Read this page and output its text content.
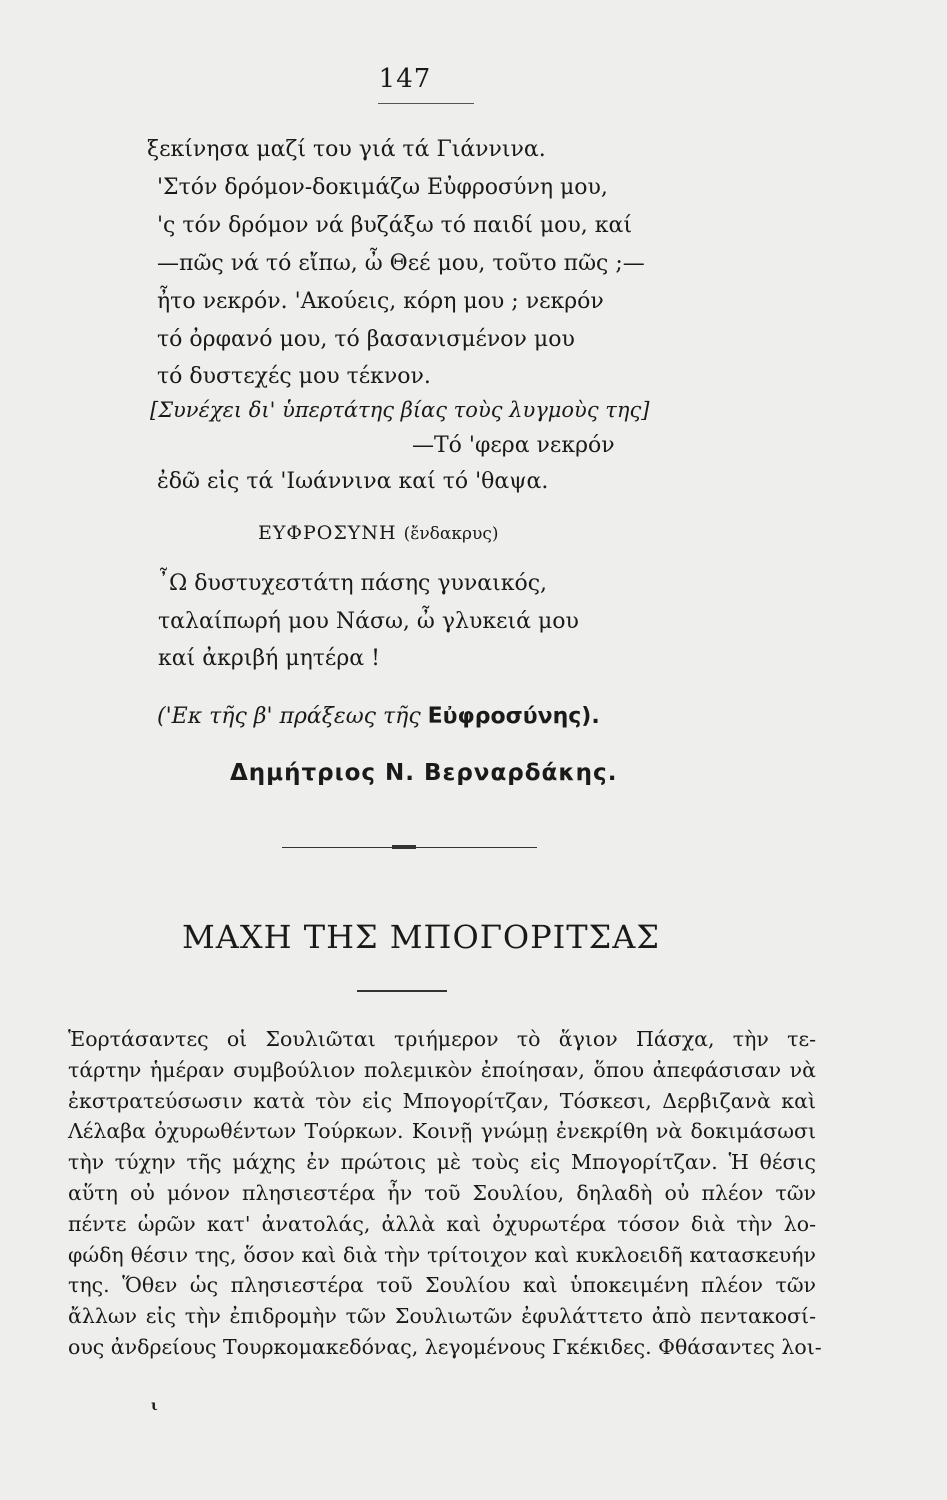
147
ξεκίνησα μαζί του γιά τά Γιάννινα.
'Στόν δρόμον-δοκιμάζω Εὐφροσύνη μου,
'ς τόν δρόμον νά βυζάξω τό παιδί μου, καί
—πῶς νά τό εἴπω, ὦ Θεέ μου, τοῦτο πῶς ;—
ἦτο νεκρόν. 'Ακούεις, κόρη μου ; νεκρόν
τό ὀρφανό μου, τό βασανισμένον μου
τό δυστεχές μου τέκνον.
[Συνέχει δι' ὑπερτάτης βίας τοὺς λυγμοὺς της]
—Τό 'φερα νεκρόν
ἐδῶ εἰς τά 'Ιωάννινα καί τό 'θαψα.
ΕΥΦΡΟΣΥΝΗ (ἔνδακρυς)
῏Ω δυστυχεστάτη πάσης γυναικός,
ταλαίπωρή μου Νάσω, ὦ γλυκειά μου
καί ἀκριβή μητέρα !
('Εκ τῆς β' πράξεως τῆς Εὐφροσύνης).
Δημήτριος Ν. Βερναρδάκης.
ΜΑΧΗ ΤΗΣ ΜΠΟΓΟΡΙΤΣΑΣ
Ἑορτάσαντες οἱ Σουλιῶται τριήμερον τὸ ἅγιον Πάσχα, τὴν τε-
τάρτην ἡμέραν συμβούλιον πολεμικὸν ἐποίησαν, ὅπου ἀπεφάσισαν νὰ
ἐκστρατεύσωσιν κατὰ τὸν εἰς Μπογορίτζαν, Τόσκεσι, Δερβιζανὰ καὶ
Λέλαβα ὀχυρωθέντων Τούρκων. Κοινῇ γνώμῃ ἐνεκρίθη νὰ δοκιμάσωσι
τὴν τύχην τῆς μάχης ἐν πρώτοις μὲ τοὺς εἰς Μπογορίτζαν. Ἡ θέσις
αὕτη οὐ μόνον πλησιεστέρα ἦν τοῦ Σουλίου, δηλαδὴ οὐ πλέον τῶν
πέντε ὡρῶν κατ' ἀνατολάς, ἀλλὰ καὶ ὀχυρωτέρα τόσον διὰ τὴν λο-
φώδη θέσιν της, ὅσον καὶ διὰ τὴν τρίτοιχον καὶ κυκλοειδῆ κατασκευήν
της. Ὅθεν ὡς πλησιεστέρα τοῦ Σουλίου καὶ ὑποκειμένη πλέον τῶν
ἄλλων εἰς τὴν ἐπιδρομὴν τῶν Σουλιωτῶν ἐφυλάττετο ἀπὸ πεντακοσί-
ους ἀνδρείους Τουρκομακεδόνας, λεγομένους Γκέκιδες. Φθάσαντες λοι-
ι
